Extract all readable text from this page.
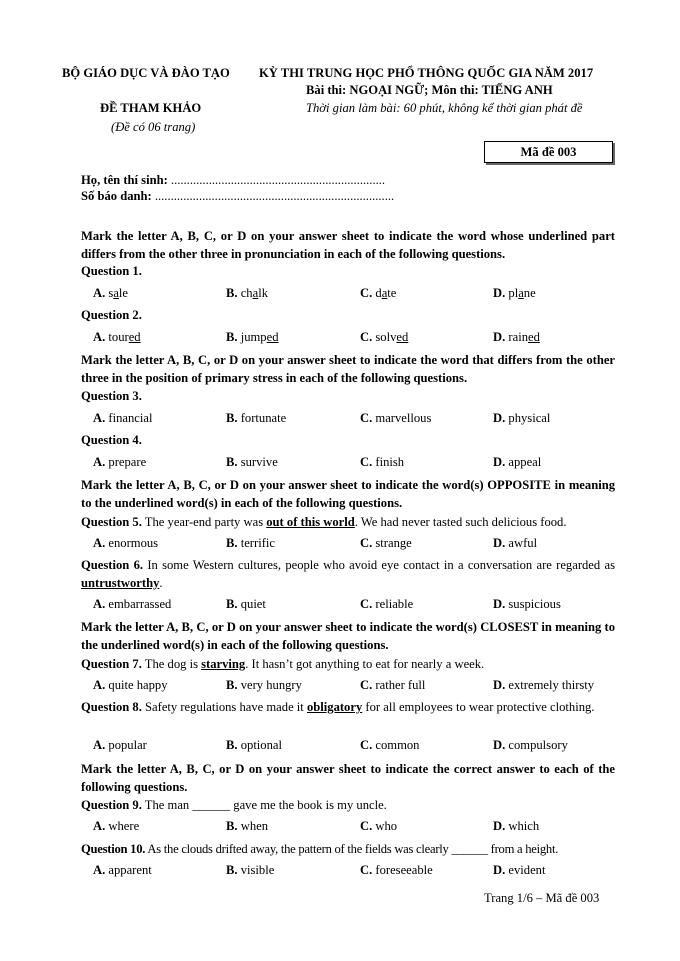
BỘ GIÁO DỤC VÀ ĐÀO TẠO KỲ THI TRUNG HỌC PHỔ THÔNG QUỐC GIA NĂM 2017
Bài thi: NGOẠI NGỮ; Môn thi: TIẾNG ANH
ĐỀ THAM KHẢO	Thời gian làm bài: 60 phút, không kể thời gian phát đề
(Đề có 06 trang)
Mã đề 003
Họ, tên thí sinh: ....................................................................
Số báo danh: ............................................................................
Mark the letter A, B, C, or D on your answer sheet to indicate the word whose underlined part differs from the other three in pronunciation in each of the following questions.
Question 1.
A. sale	B. chalk	C. date	D. plane
Question 2.
A. toured	B. jumped	C. solved	D. rained
Mark the letter A, B, C, or D on your answer sheet to indicate the word that differs from the other three in the position of primary stress in each of the following questions.
Question 3.
A. financial	B. fortunate	C. marvellous	D. physical
Question 4.
A. prepare	B. survive	C. finish	D. appeal
Mark the letter A, B, C, or D on your answer sheet to indicate the word(s) OPPOSITE in meaning to the underlined word(s) in each of the following questions.
Question 5. The year-end party was out of this world. We had never tasted such delicious food.
A. enormous	B. terrific	C. strange	D. awful
Question 6. In some Western cultures, people who avoid eye contact in a conversation are regarded as untrustworthy.
A. embarrassed	B. quiet	C. reliable	D. suspicious
Mark the letter A, B, C, or D on your answer sheet to indicate the word(s) CLOSEST in meaning to the underlined word(s) in each of the following questions.
Question 7. The dog is starving. It hasn’t got anything to eat for nearly a week.
A. quite happy	B. very hungry	C. rather full	D. extremely thirsty
Question 8. Safety regulations have made it obligatory for all employees to wear protective clothing.
A. popular	B. optional	C. common	D. compulsory
Mark the letter A, B, C, or D on your answer sheet to indicate the correct answer to each of the following questions.
Question 9. The man ______ gave me the book is my uncle.
A. where	B. when	C. who	D. which
Question 10. As the clouds drifted away, the pattern of the fields was clearly ______ from a height.
A. apparent	B. visible	C. foreseeable	D. evident
Trang 1/6 – Mã đề 003
